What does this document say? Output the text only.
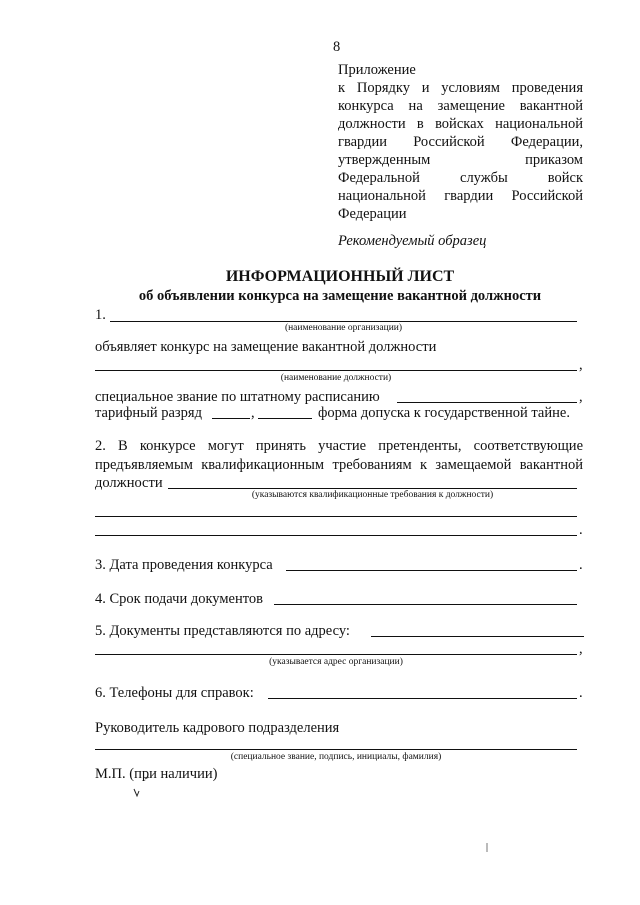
8
Приложение
к Порядку и условиям проведения
конкурса на замещение вакантной
должности в войсках национальной
гвардии Российской Федерации,
утвержденным приказом
Федеральной службы войск
национальной гвардии Российской
Федерации
Рекомендуемый образец
ИНФОРМАЦИОННЫЙ ЛИСТ
об объявлении конкурса на замещение вакантной должности
1.
(наименование организации)
объявляет конкурс на замещение вакантной должности
,
(наименование должности)
специальное звание по штатному расписанию	,
тарифный разряд	,	форма допуска к государственной тайне.
2. В конкурсе могут принять участие претенденты, соответствующие
предъявляемым квалификационным требованиям к замещаемой вакантной
должности
(указываются квалификационные требования к должности)
.
3. Дата проведения конкурса	.
4. Срок подачи документов
5. Документы представляются по адресу:
,
(указывается адрес организации)
6. Телефоны для справок:	.
Руководитель кадрового подразделения
(специальное звание, подпись, инициалы, фамилия)
М.П. (при наличии)
